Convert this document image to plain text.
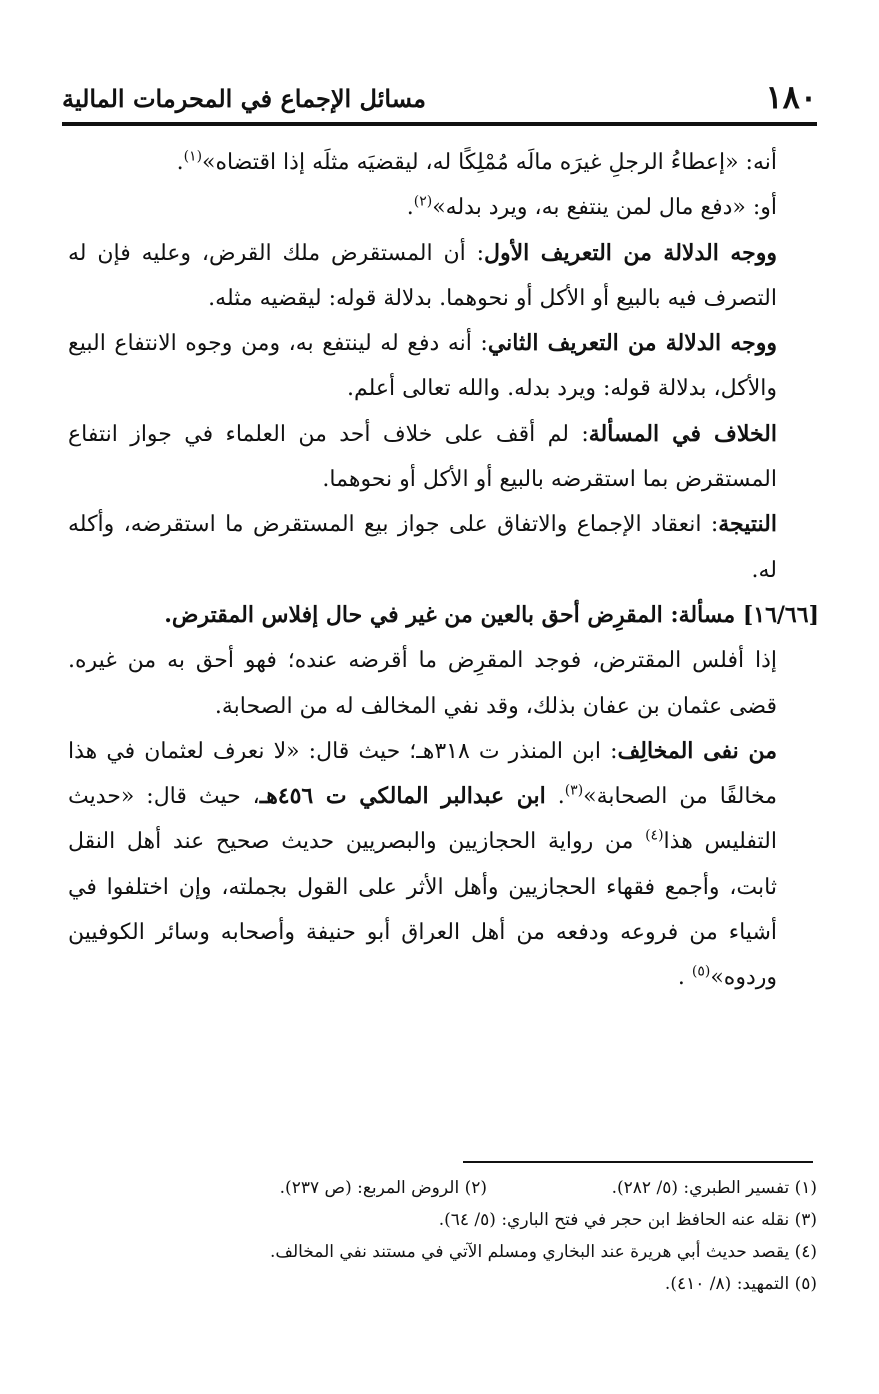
١٨٠
مسائل الإجماع في المحرمات المالية

أنه: «إعطاءُ الرجلِ غيرَه مالَه مُمْلِكًا له، ليقضيَه مثلَه إذا اقتضاه»$^{(١)}$.

أو: «دفع مال لمن ينتفع به، ويرد بدله»$^{(٢)}$.

ووجه الدلالة من التعريف الأول: أن المستقرض ملك القرض، وعليه فإن له التصرف فيه بالبيع أو الأكل أو نحوهما. بدلالة قوله: ليقضيه مثله.

ووجه الدلالة من التعريف الثاني: أنه دفع له لينتفع به، ومن وجوه الانتفاع البيع والأكل، بدلالة قوله: ويرد بدله. والله تعالى أعلم.

الخلاف في المسألة: لم أقف على خلاف أحد من العلماء في جواز انتفاع المستقرض بما استقرضه بالبيع أو الأكل أو نحوهما.

النتيجة: انعقاد الإجماع والاتفاق على جواز بيع المستقرض ما استقرضه، وأكله له.

[١٦/٦٦] مسألة: المقرِض أحق بالعين من غير في حال إفلاس المقترض.

إذا أفلس المقترض، فوجد المقرِض ما أقرضه عنده؛ فهو أحق به من غيره. قضى عثمان بن عفان بذلك، وقد نفي المخالف له من الصحابة.

من نفى المخالِف: ابن المنذر ت ٣١٨هـ؛ حيث قال: «لا نعرف لعثمان في هذا مخالفًا من الصحابة»$^{(٣)}$. ابن عبدالبر المالكي ت ٤٥٦هـ، حيث قال: «حديث التفليس هذا$^{(٤)}$ من رواية الحجازيين والبصريين حديث صحيح عند أهل النقل ثابت، وأجمع فقهاء الحجازيين وأهل الأثر على القول بجملته، وإن اختلفوا في أشياء من فروعه ودفعه من أهل العراق أبو حنيفة وأصحابه وسائر الكوفيين وردوه»$^{(٥)}$ .

(١) تفسير الطبري: (٥/ ٢٨٢).
(٢) الروض المربع: (ص ٢٣٧).

(٣) نقله عنه الحافظ ابن حجر في فتح الباري: (٥/ ٦٤).

(٤) يقصد حديث أبي هريرة عند البخاري ومسلم الآتي في مستند نفي المخالف.

(٥) التمهيد: (٨/ ٤١٠).
